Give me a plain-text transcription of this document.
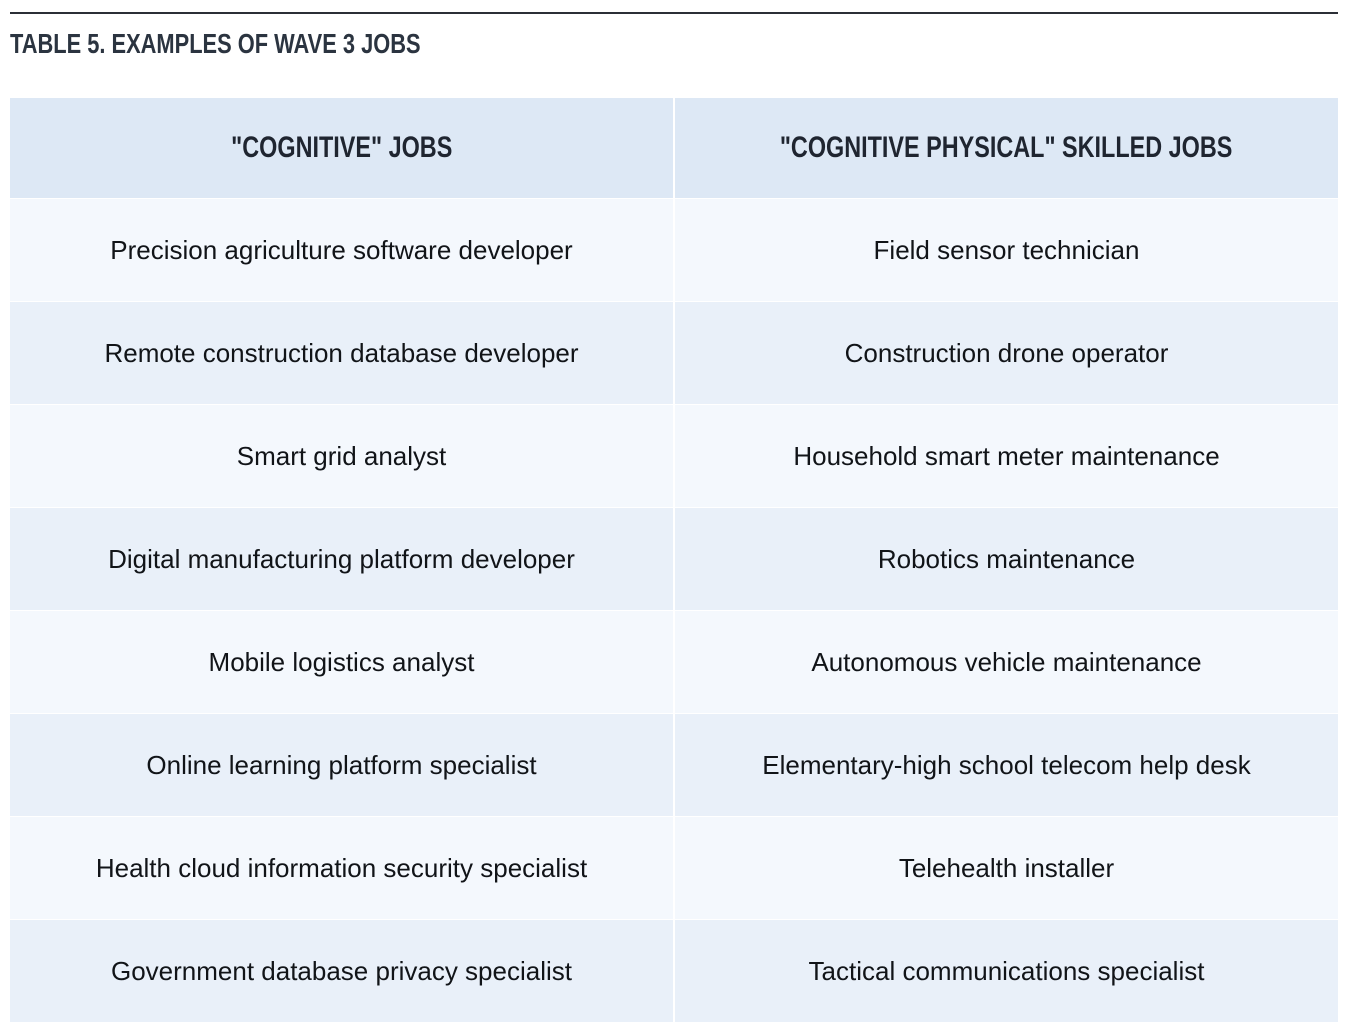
TABLE 5. EXAMPLES OF WAVE 3 JOBS
"COGNITIVE" JOBS	"COGNITIVE PHYSICAL" SKILLED JOBS
Precision agriculture software developer	Field sensor technician
Remote construction database developer	Construction drone operator
Smart grid analyst	Household smart meter maintenance
Digital manufacturing platform developer	Robotics maintenance
Mobile logistics analyst	Autonomous vehicle maintenance
Online learning platform specialist	Elementary-high school telecom help desk
Health cloud information security specialist	Telehealth installer
Government database privacy specialist	Tactical communications specialist
